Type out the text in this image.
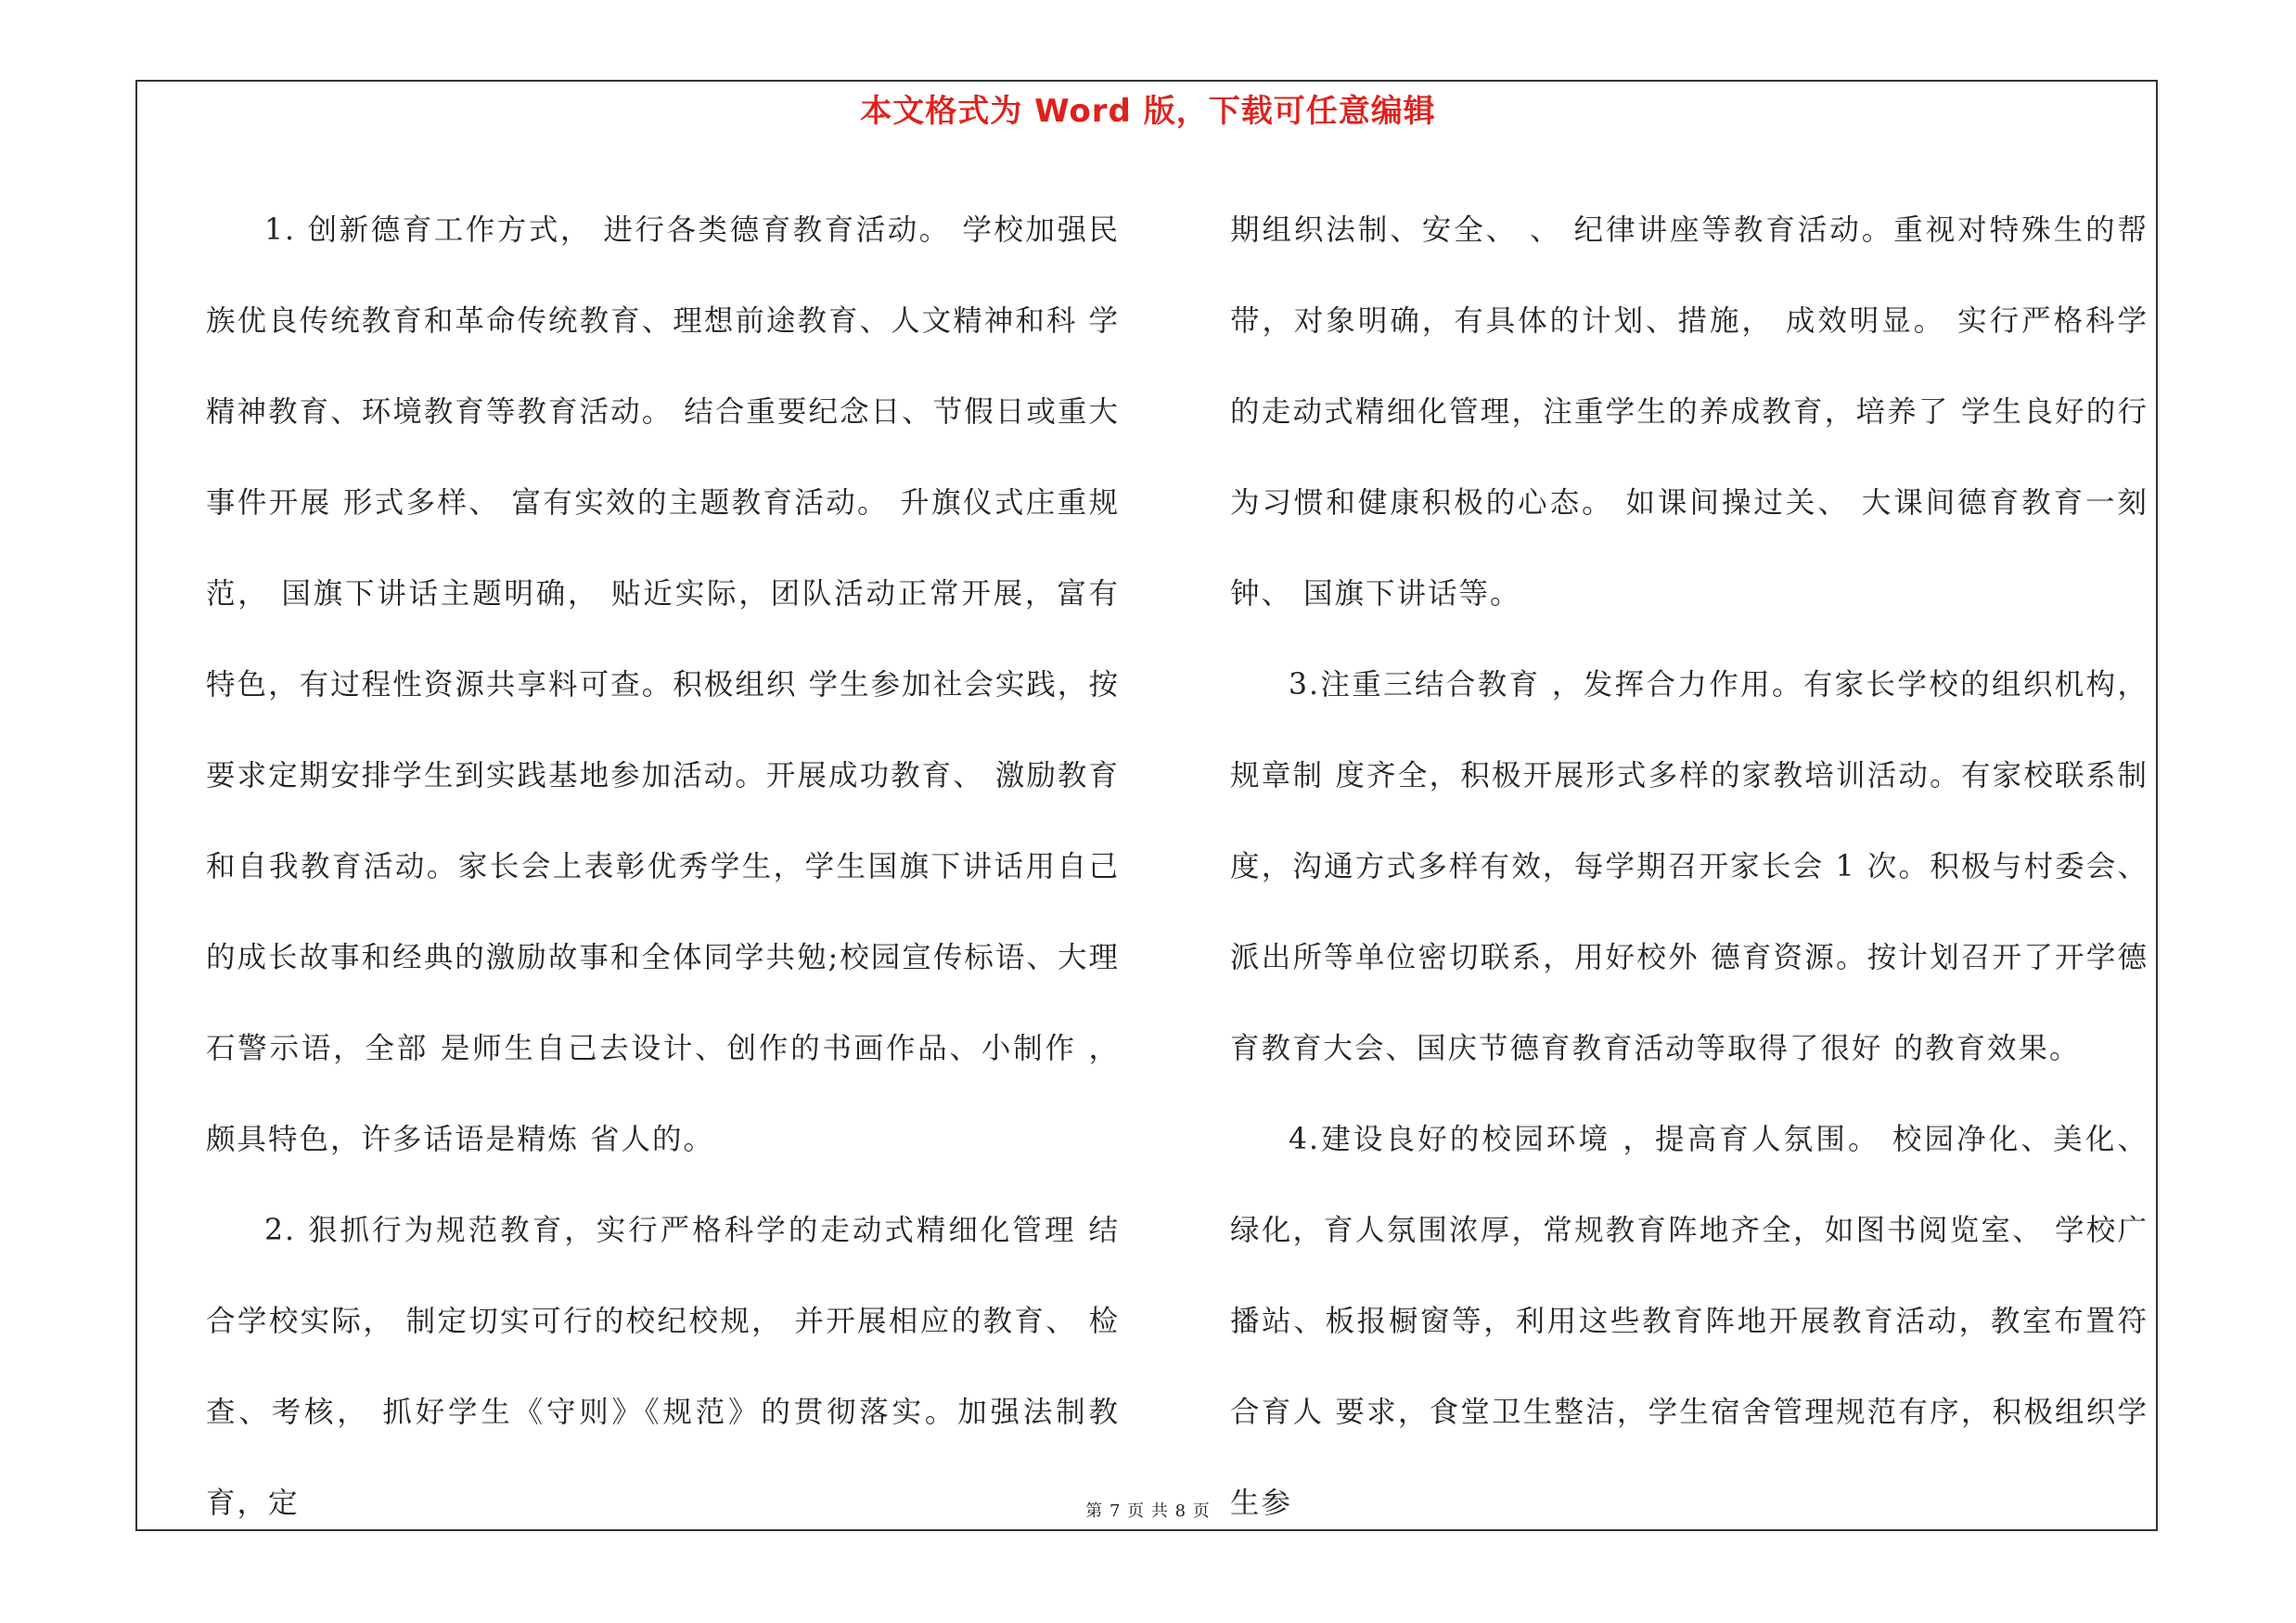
本文格式为 Word 版，下载可任意编辑

1. 创新德育工作方式， 进行各类德育教育活动。 学校加强民族优良传统教育和革命传统教育、理想前途教育、人文精神和科 学精神教育、环境教育等教育活动。 结合重要纪念日、节假日或重大事件开展 形式多样、 富有实效的主题教育活动。 升旗仪式庄重规范， 国旗下讲话主题明确， 贴近实际，团队活动正常开展，富有特色，有过程性资源共享料可查。积极组织 学生参加社会实践，按要求定期安排学生到实践基地参加活动。开展成功教育、 激励教育和自我教育活动。家长会上表彰优秀学生，学生国旗下讲话用自己的成长故事和经典的激励故事和全体同学共勉;校园宣传标语、大理石警示语，全部 是师生自己去设计、创作的书画作品、小制作 ，颇具特色，许多话语是精炼 省人的。

2. 狠抓行为规范教育，实行严格科学的走动式精细化管理 结合学校实际， 制定切实可行的校纪校规， 并开展相应的教育、 检查、考核， 抓好学生《守则》《规范》的贯彻落实。加强法制教育，定

期组织法制、安全、 、 纪律讲座等教育活动。重视对特殊生的帮带，对象明确，有具体的计划、措施， 成效明显。 实行严格科学的走动式精细化管理，注重学生的养成教育，培养了 学生良好的行为习惯和健康积极的心态。 如课间操过关、 大课间德育教育一刻钟、 国旗下讲话等。

3.注重三结合教育 ，发挥合力作用。有家长学校的组织机构，规章制 度齐全，积极开展形式多样的家教培训活动。有家校联系制度，沟通方式多样有效，每学期召开家长会 1 次。积极与村委会、派出所等单位密切联系，用好校外 德育资源。按计划召开了开学德育教育大会、国庆节德育教育活动等取得了很好 的教育效果。

4.建设良好的校园环境 ，提高育人氛围。 校园净化、美化、绿化，育人氛围浓厚，常规教育阵地齐全，如图书阅览室、 学校广播站、板报橱窗等，利用这些教育阵地开展教育活动，教室布置符合育人 要求，食堂卫生整洁，学生宿舍管理规范有序，积极组织学生参

第 7 页 共 8 页
